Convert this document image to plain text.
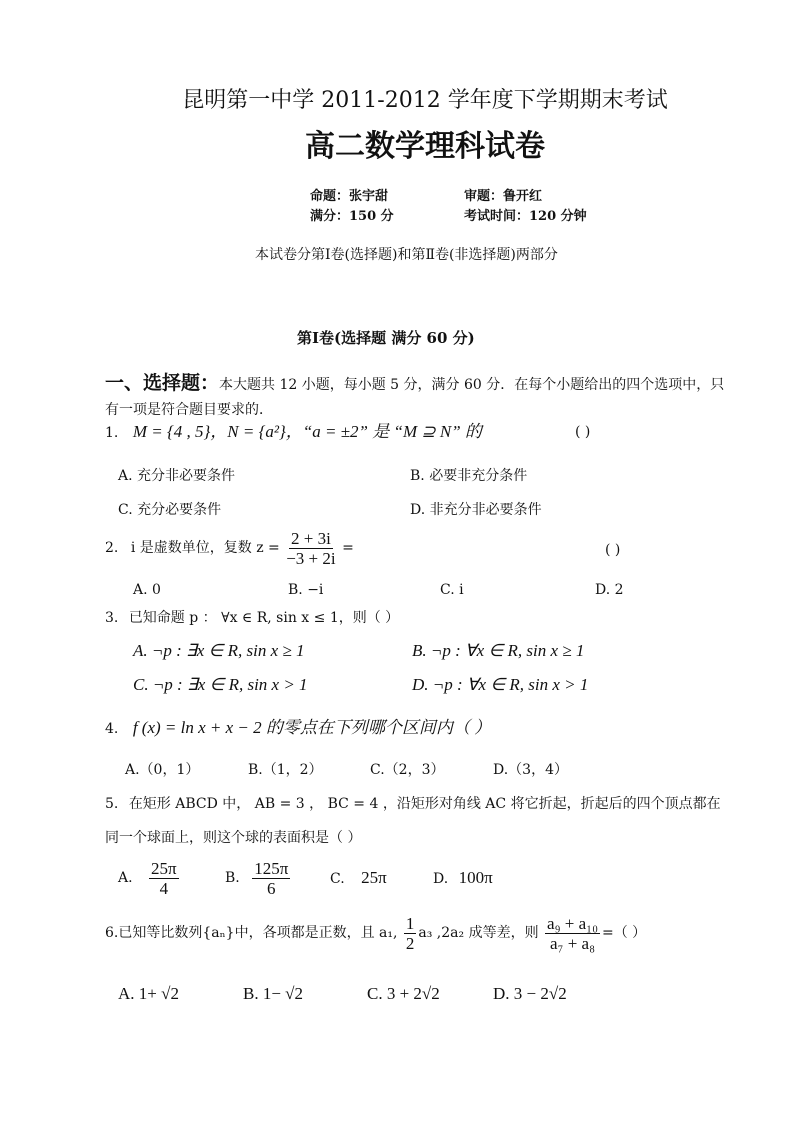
昆明第一中学 2011-2012 学年度下学期期末考试
高二数学理科试卷
命题：张宇甜	审题：鲁开红
满分：150 分	考试时间：120 分钟
本试卷分第Ⅰ卷(选择题)和第Ⅱ卷(非选择题)两部分
第Ⅰ卷(选择题 满分 60 分)
一、选择题：本大题共 12 小题，每小题 5 分，满分 60 分．在每个小题给出的四个选项中，只
有一项是符合题目要求的．
1. M = {4 , 5}，N = {a²}，“a = ±2” 是 “M ⊇ N” 的	( )
A. 充分非必要条件	B. 必要非充分条件
C. 充分必要条件	D. 非充分非必要条件
2. i 是虚数单位，复数 $z = \frac{2 + 3i}{-3 + 2i}$ =	( )
A. 0	B. −i	C. i	D. 2
3. 已知命题 p ： ∀x ∈ R, sin x ≤ 1，则（ ）
A. ¬p : ∃x ∈ R, sin x ≥ 1	B. ¬p : ∀x ∈ R, sin x ≥ 1
C. ¬p : ∃x ∈ R, sin x > 1	D. ¬p : ∀x ∈ R, sin x > 1
4. f (x) = ln x + x − 2 的零点在下列哪个区间内（ ）
A.（0，1）	B.（1，2）	C.（2，3）	D.（3，4）
5. 在矩形 ABCD 中， AB = 3 ， BC = 4 ，沿矩形对角线 AC 将它折起，折起后的四个顶点都在
同一个球面上，则这个球的表面积是（ ）
A. $\frac{25\pi}{4}$	B. $\frac{125\pi}{6}$	C. 25π	D. 100π
6.已知等比数列{aₙ}中，各项都是正数，且 a₁, $\frac{1}{2} a_3$ ,2a₂ 成等差，则 $\frac{\text{a₉ + a₁₀}}{\text{a₇ + a₈}}$ =（ ）
A. 1+ √2	B. 1− √2	C. 3 + 2√2	D. 3 − 2√2
